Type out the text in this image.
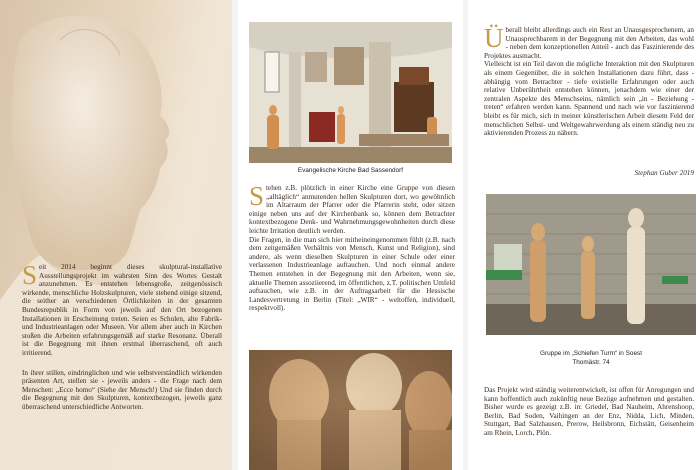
Seit 2014 beginnt dieses skulptural-installative Ausstellungsprojekt im wahrsten Sinn des Wortes Gestalt anzunehmen. Es entstehen lebensgroße, zeitgenössisch wirkende, menschliche Holzskulpturen, viele stehend einige sitzend, die seither an verschiedenen Örtlichkeiten in der gesamten Bundesrepublik in Form von jeweils auf den Ort bezogenen Installationen in Erscheinung treten. Seien es Schulen, alte Fabrik- und Industrieanlagen oder Museen. Vor allem aber auch in Kirchen stoßen die Arbeiten erfahrungsgemäß auf starke Resonanz. Überall ist die Begegnung mit ihnen erstmal überraschend, oft auch irritierend.
In ihrer stillen, eindringlichen und wie selbstverständlich wirkenden präsenten Art, stellen sie - jeweils anders - die Frage nach dem Menschen: „Ecce homo“ (Siehe der Mensch!) Und sie finden durch die Begegnung mit den Skulpturen, kontextbezogen, jeweils ganz überraschend unterschiedliche Antworten.
Evangelische Kirche Bad Sassendorf
Stehen z.B. plötzlich in einer Kirche eine Gruppe von diesen „alltäglich“ anmutenden hellen Skulpturen dort, wo gewöhnlich im Altarraum der Pfarrer oder die Pfarrerin steht, oder sitzen einige neben uns auf der Kirchenbank so, können dem Betrachter kontextbezogene Denk- und Wahrnehmungsgewohnheiten durch diese leichte Irritation deutlich werden.
Die Fragen, in die man sich hier mitheineingenommen fühlt (z.B. nach dem zeitgemäßen Verhältnis von Mensch, Kunst und Religion), sind andere, als wenn dieselben Skulpturen in einer Schule oder einer verlassenen Industrieanlage auftauchen. Und noch einmal andere Themen entstehen in der Begegnung mit den Arbeiten, wenn sie, aktuelle Themen assoziierend, im öffentlichen, z.T. politischen Umfeld auftauchen, wie z.B. in der Auftragsarbeit für die Hessische Landesvertretung in Berlin (Titel: „WIR“ - weltoffen, individuell, respektvoll).
Überall bleibt allerdings auch ein Rest an Unausgesprochenem, an Unausprechbarem in der Begegnung mit den Arbeiten, das wohl - neben dem konzeptionellen Anteil - auch das Faszinierende des Projektes ausmacht.
Vielleicht ist ein Teil davon die mögliche Interaktion mit den Skulpturen als einem Gegenüber, die in solchen Installationen dazu führt, dass - abhängig vom Betrachter - tiefe existielle Erfahrungen oder auch relative Unberührtheit entstehen können, jenachdem wie einer der zentralen Aspekte des Menschseins, nämlich sein „in - Beziehung - treten“ erfahren werden kann. Spannend und nach wie vor faszinierend bleibt es für mich, sich in meiner künstlerischen Arbeit diesem Feld der menschlichen Selbst- und Weltgewahrwerdung als einem ständig neu zu aktivierenden Prozess zu nähern.
Stephan Guber 2019
Gruppe im „Schiefen Turm“ in Soest
Thomästr. 74
Das Projekt wird ständig weiterentwickelt, ist offen für Anregungen und kann hoffentlich auch zukünftig neue Bezüge aufnehmen und gestalten. Bisher wurde es gezeigt z.B. in: Griedel, Bad Nauheim, Ahrenshoop, Berlin, Bad Soden, Vaihingen an der Enz, Nidda, Lich, Minden, Stuttgart, Bad Salzhausen, Prerow, Heilsbronn, Eichstätt, Geisenheim am Rhein, Lorch, Plön.
